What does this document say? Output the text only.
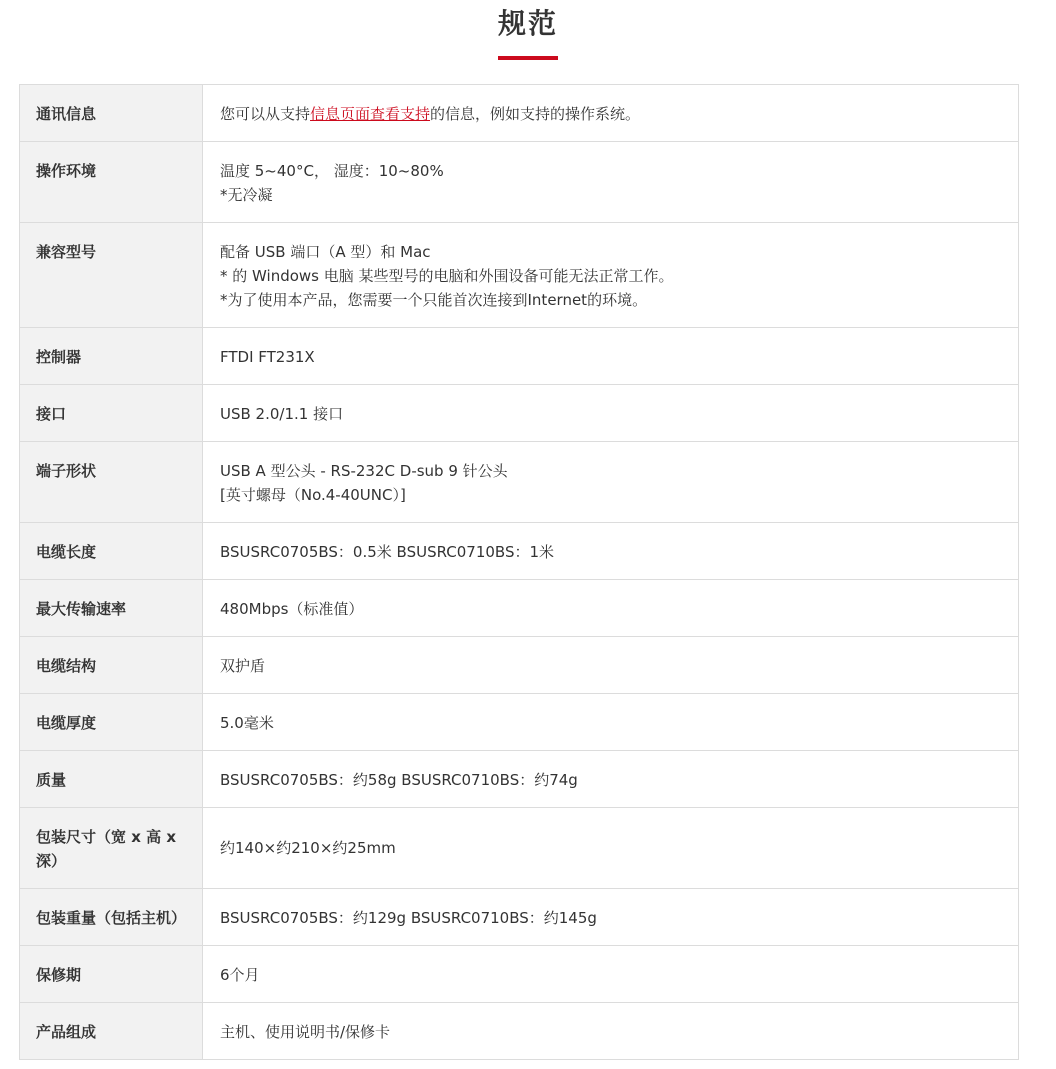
规范
通讯信息	您可以从支持信息页面查看支持的信息，例如支持的操作系统。
操作环境	温度 5~40°C， 湿度：10~80%
*无冷凝

兼容型号	配备 USB 端口（A 型）和 Mac
* 的 Windows 电脑 某些型号的电脑和外围设备可能无法正常工作。
*为了使用本产品，您需要一个只能首次连接到Internet的环境。

控制器	FTDI FT231X
接口	USB 2.0/1.1 接口
端子形状	USB A 型公头 - RS-232C D-sub 9 针公头
[英寸螺母（No.4-40UNC）]

电缆长度	BSUSRC0705BS：0.5米 BSUSRC0710BS：1米
最大传输速率	480Mbps（标准值）
电缆结构	双护盾
电缆厚度	5.0毫米
质量	BSUSRC0705BS：约58g BSUSRC0710BS：约74g
包装尺寸（宽 x 高 x 深）	约140×约210×约25mm
包装重量（包括主机）	BSUSRC0705BS：约129g BSUSRC0710BS：约145g
保修期	6个月
产品组成	主机、使用说明书/保修卡
